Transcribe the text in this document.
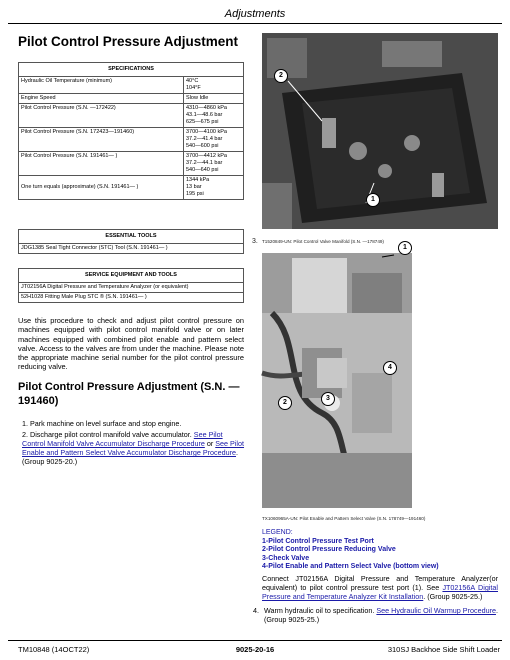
Adjustments
Pilot Control Pressure Adjustment
SPECIFICATIONS	
Hydraulic Oil Temperature (minimum)	40°C
104°F

Engine Speed	Slow Idle
Pilot Control Pressure (S.N. —172422)	4310—4860 kPa
43.1—48.6 bar
625—675 psi

Pilot Control Pressure (S.N. 172423—191460)	3700—4100 kPa
37.2—41.4 bar
540—600 psi

Pilot Control Pressure (S.N. 191461— )	3700—4412 kPa
37.2—44.1 bar
540—640 psi

One turn equals (approximate) (S.N. 191461— )	1344 kPa
13 bar
195 psi
ESSENTIAL TOOLS
JDG1385 Seal Tight Connector (STC) Tool (S.N. 191461— )
SERVICE EQUIPMENT AND TOOLS
JT02156A Digital Pressure and Temperature Analyzer (or equivalent)
52H1028 Fitting Male Plug STC ® (S.N. 191461— )
Use this procedure to check and adjust pilot control pressure on machines equipped with pilot control manifold valve or on later machines equipped with combined pilot enable and pattern select valve. Access to the valves are from under the machine. Please note the appropriate machine serial number for the pilot control pressure reducing valve.
Pilot Control Pressure Adjustment (S.N. —191460)
1. Park machine on level surface and stop engine.
2. Discharge pilot control manifold valve accumulator. See Pilot Control Manifold Valve Accumulator Discharge Procedure or See Pilot Enable and Pattern Select Valve Accumulator Discharge Procedure. (Group 9025-20.)
2
1
3. T1520849-UN: Pilot Control Valve Manifold (S.N. —178749)
1
4
2
3
TX1060965A-UN: Pilot Enable and Pattern Select Valve (S.N. 178749—191460)
LEGEND:
1-Pilot Control Pressure Test Port
2-Pilot Control Pressure Reducing Valve
3-Check Valve
4-Pilot Enable and Pattern Select Valve (bottom view)
Connect JT02156A Digital Pressure and Temperature Analyzer(or equivalent) to pilot control pressure test port (1). See JT02156A Digital Pressure and Temperature Analyzer Kit Installation. (Group 9025-25.)
4. Warm hydraulic oil to specification. See Hydraulic Oil Warmup Procedure. (Group 9025-25.)
TM10848 (14OCT22)	9025-20-16	310SJ Backhoe Side Shift Loader
